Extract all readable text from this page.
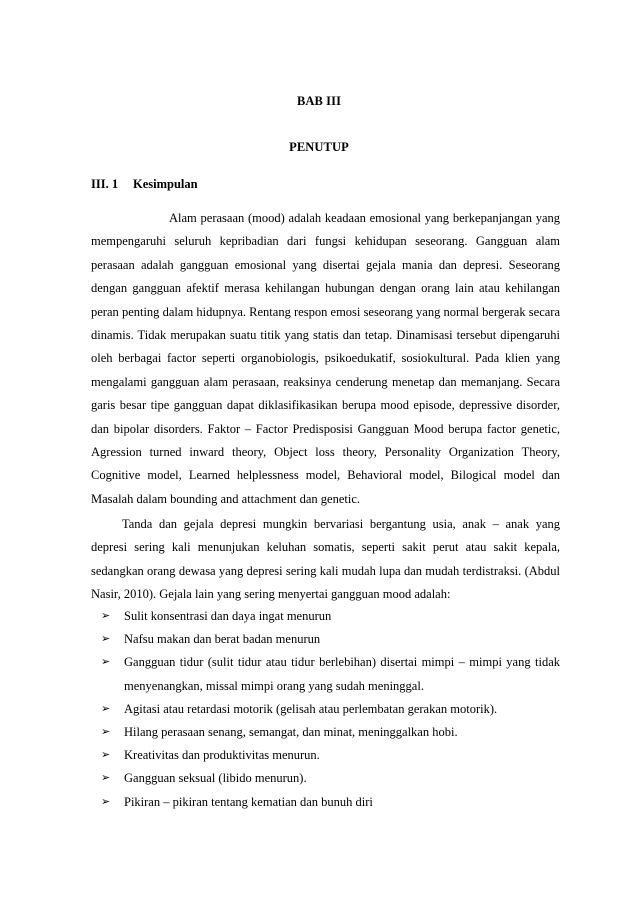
BAB III
PENUTUP
III. 1 Kesimpulan

Alam perasaan (mood) adalah keadaan emosional yang berkepanjangan yang mempengaruhi seluruh kepribadian dari fungsi kehidupan seseorang. Gangguan alam perasaan adalah gangguan emosional yang disertai gejala mania dan depresi. Seseorang dengan gangguan afektif merasa kehilangan hubungan dengan orang lain atau kehilangan peran penting dalam hidupnya. Rentang respon emosi seseorang yang normal bergerak secara dinamis. Tidak merupakan suatu titik yang statis dan tetap. Dinamisasi tersebut dipengaruhi oleh berbagai factor seperti organobiologis, psikoedukatif, sosiokultural. Pada klien yang mengalami gangguan alam perasaan, reaksinya cenderung menetap dan memanjang. Secara garis besar tipe gangguan dapat diklasifikasikan berupa mood episode, depressive disorder, dan bipolar disorders. Faktor – Factor Predisposisi Gangguan Mood berupa factor genetic, Agression turned inward theory, Object loss theory, Personality Organization Theory, Cognitive model, Learned helplessness model, Behavioral model, Bilogical model dan Masalah dalam bounding and attachment dan genetic.

Tanda dan gejala depresi mungkin bervariasi bergantung usia, anak – anak yang depresi sering kali menunjukan keluhan somatis, seperti sakit perut atau sakit kepala, sedangkan orang dewasa yang depresi sering kali mudah lupa dan mudah terdistraksi. (Abdul Nasir, 2010). Gejala lain yang sering menyertai gangguan mood adalah:

➢	Sulit konsentrasi dan daya ingat menurun
➢	Nafsu makan dan berat badan menurun
➢	Gangguan tidur (sulit tidur atau tidur berlebihan) disertai mimpi – mimpi yang tidak menyenangkan, missal mimpi orang yang sudah meninggal.
➢	Agitasi atau retardasi motorik (gelisah atau perlembatan gerakan motorik).
➢	Hilang perasaan senang, semangat, dan minat, meninggalkan hobi.
➢	Kreativitas dan produktivitas menurun.
➢	Gangguan seksual (libido menurun).
➢	Pikiran – pikiran tentang kematian dan bunuh diri
